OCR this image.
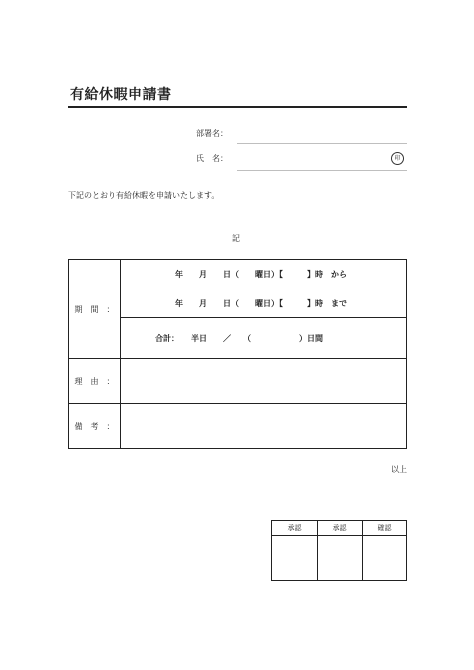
有給休暇申請書
部署名：
氏　名：	印
下記のとおり有給休暇を申請いたします。
記
期　間　：
年　　月　　日（　　曜日）【　　　】時　から
年　　月　　日（　　曜日）【　　　】時　まで
合計：　　半日　　／　　（　　　　　　）日間
理　由　：
備　考　：
以上
承認	承認	確認
